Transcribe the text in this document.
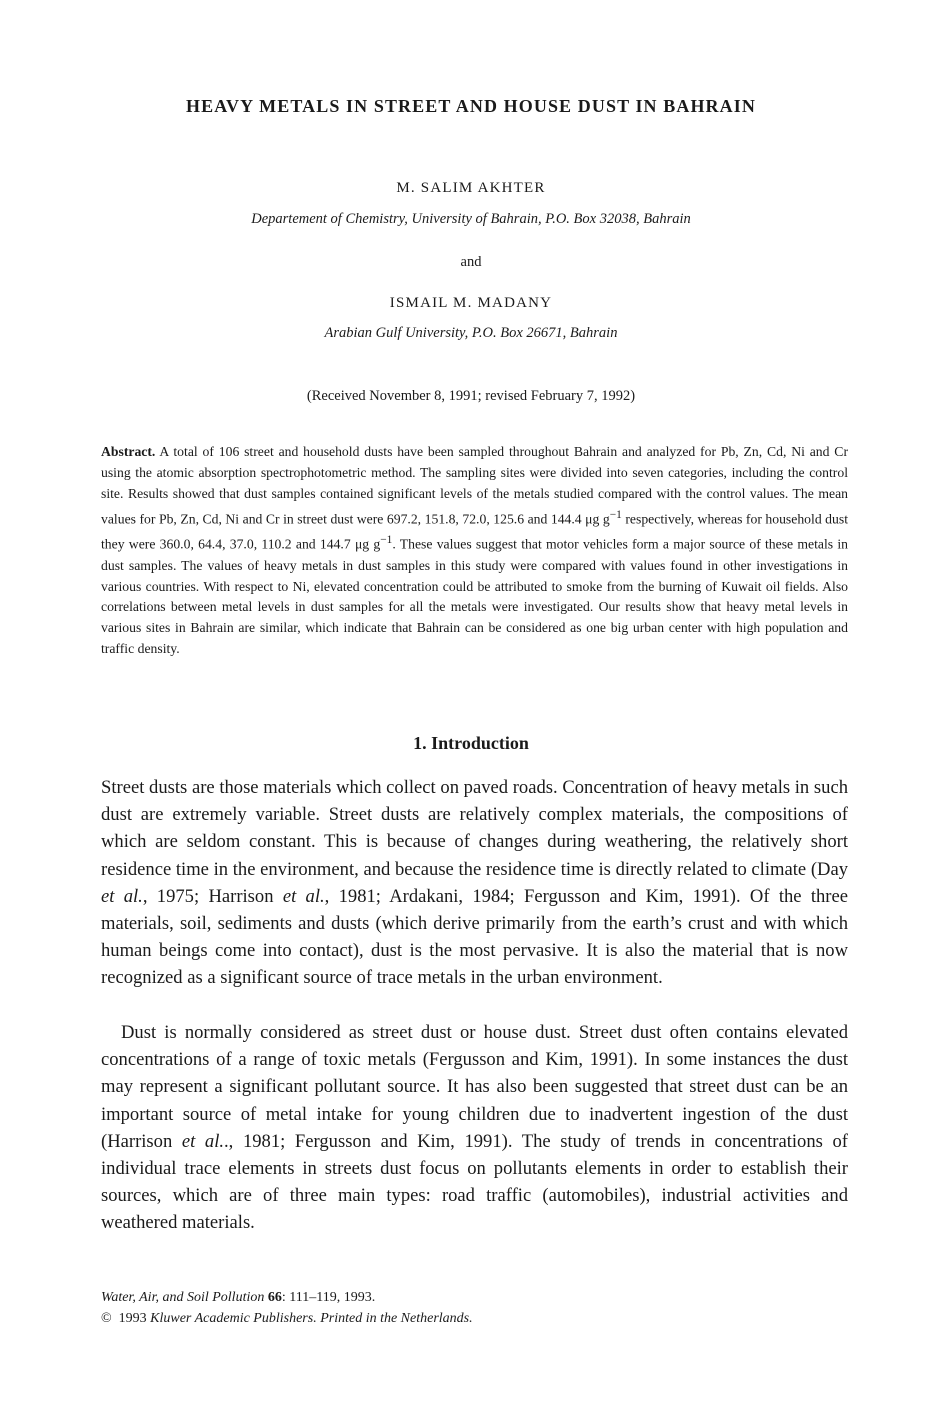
HEAVY METALS IN STREET AND HOUSE DUST IN BAHRAIN
M. SALIM AKHTER
Departement of Chemistry, University of Bahrain, P.O. Box 32038, Bahrain
and
ISMAIL M. MADANY
Arabian Gulf University, P.O. Box 26671, Bahrain
(Received November 8, 1991; revised February 7, 1992)

Abstract. A total of 106 street and household dusts have been sampled throughout Bahrain and analyzed for Pb, Zn, Cd, Ni and Cr using the atomic absorption spectrophotometric method. The sampling sites were divided into seven categories, including the control site. Results showed that dust samples contained significant levels of the metals studied compared with the control values. The mean values for Pb, Zn, Cd, Ni and Cr in street dust were 697.2, 151.8, 72.0, 125.6 and 144.4 μg $g^{-1}$ respectively, whereas for household dust they were 360.0, 64.4, 37.0, 110.2 and 144.7 μg $g^{-1}$. These values suggest that motor vehicles form a major source of these metals in dust samples. The values of heavy metals in dust samples in this study were compared with values found in other investigations in various countries. With respect to Ni, elevated concentration could be attributed to smoke from the burning of Kuwait oil fields. Also correlations between metal levels in dust samples for all the metals were investigated. Our results show that heavy metal levels in various sites in Bahrain are similar, which indicate that Bahrain can be considered as one big urban center with high population and traffic density.

1. Introduction

Street dusts are those materials which collect on paved roads. Concentration of heavy metals in such dust are extremely variable. Street dusts are relatively complex materials, the compositions of which are seldom constant. This is because of changes during weathering, the relatively short residence time in the environment, and because the residence time is directly related to climate (Day et al., 1975; Harrison et al., 1981; Ardakani, 1984; Fergusson and Kim, 1991). Of the three materials, soil, sediments and dusts (which derive primarily from the earth’s crust and with which human beings come into contact), dust is the most pervasive. It is also the material that is now recognized as a significant source of trace metals in the urban environment.

Dust is normally considered as street dust or house dust. Street dust often contains elevated concentrations of a range of toxic metals (Fergusson and Kim, 1991). In some instances the dust may represent a significant pollutant source. It has also been suggested that street dust can be an important source of metal intake for young children due to inadvertent ingestion of the dust (Harrison et al.., 1981; Fergusson and Kim, 1991). The study of trends in concentrations of individual trace elements in streets dust focus on pollutants elements in order to establish their sources, which are of three main types: road traffic (automobiles), industrial activities and weathered materials.

Water, Air, and Soil Pollution 66: 111–119, 1993.
© 1993 Kluwer Academic Publishers. Printed in the Netherlands.
